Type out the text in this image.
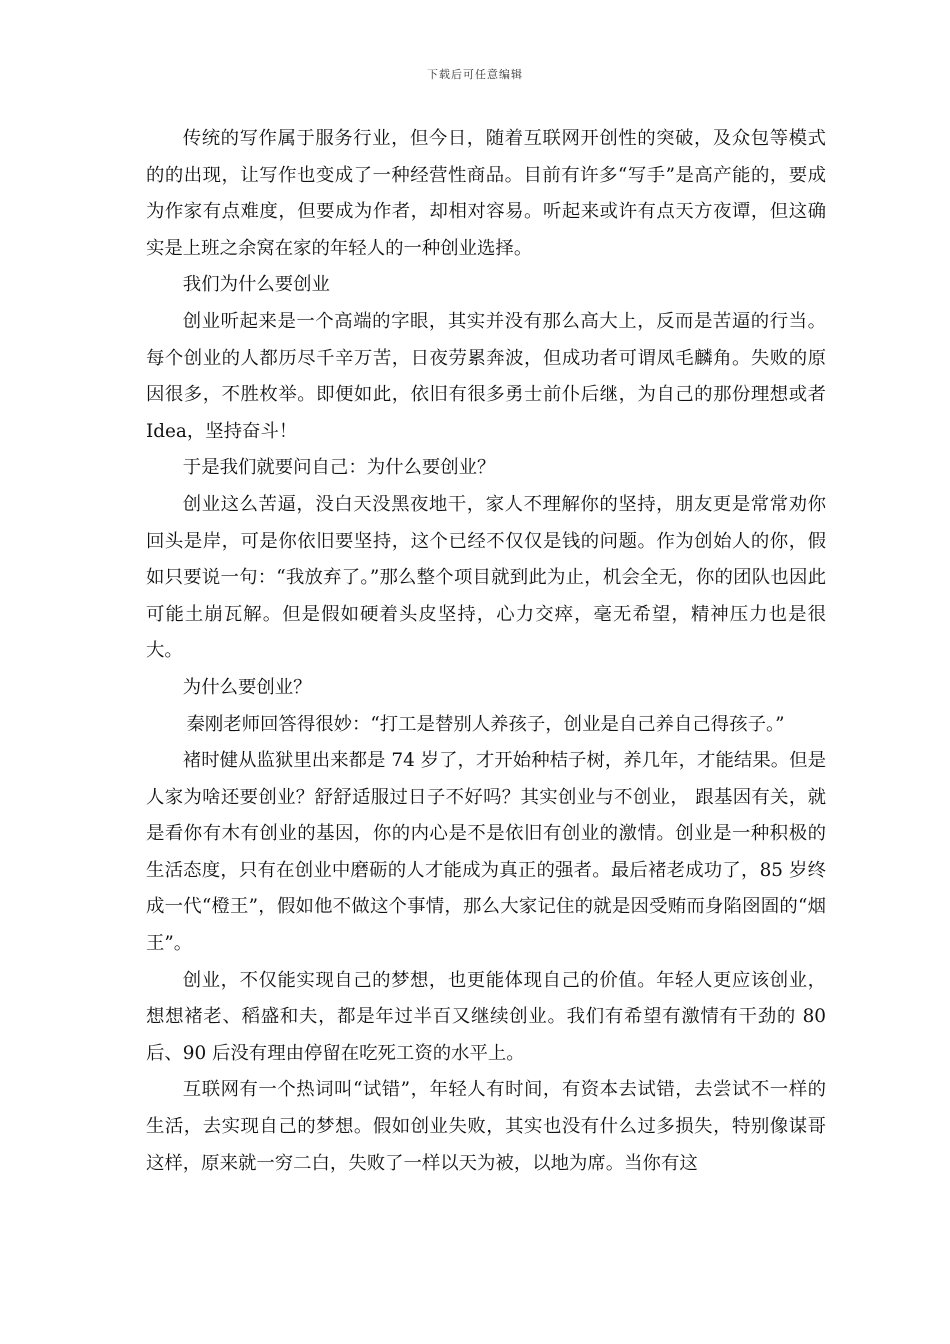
下载后可任意编辑

传统的写作属于服务行业，但今日，随着互联网开创性的突破，及众包等模式的的出现，让写作也变成了一种经营性商品。目前有许多“写手”是高产能的，要成为作家有点难度，但要成为作者，却相对容易。听起来或许有点天方夜谭，但这确实是上班之余窝在家的年轻人的一种创业选择。

我们为什么要创业

创业听起来是一个高端的字眼，其实并没有那么高大上，反而是苦逼的行当。每个创业的人都历尽千辛万苦，日夜劳累奔波，但成功者可谓凤毛麟角。失败的原因很多，不胜枚举。即便如此，依旧有很多勇士前仆后继，为自己的那份理想或者 Idea，坚持奋斗！

于是我们就要问自己：为什么要创业？

创业这么苦逼，没白天没黑夜地干，家人不理解你的坚持，朋友更是常常劝你回头是岸，可是你依旧要坚持，这个已经不仅仅是钱的问题。作为创始人的你，假如只要说一句：“我放弃了。”那么整个项目就到此为止，机会全无，你的团队也因此可能土崩瓦解。但是假如硬着头皮坚持，心力交瘁，毫无希望，精神压力也是很大。

为什么要创业？

秦刚老师回答得很妙：“打工是替别人养孩子，创业是自己养自己得孩子。”

褚时健从监狱里出来都是 74 岁了，才开始种桔子树，养几年，才能结果。但是人家为啥还要创业？舒舒适服过日子不好吗？其实创业与不创业， 跟基因有关，就是看你有木有创业的基因，你的内心是不是依旧有创业的激情。创业是一种积极的生活态度，只有在创业中磨砺的人才能成为真正的强者。最后褚老成功了，85 岁终成一代“橙王”，假如他不做这个事情，那么大家记住的就是因受贿而身陷囹圄的“烟王”。

创业，不仅能实现自己的梦想，也更能体现自己的价值。年轻人更应该创业，想想褚老、稻盛和夫，都是年过半百又继续创业。我们有希望有激情有干劲的 80 后、90 后没有理由停留在吃死工资的水平上。

互联网有一个热词叫“试错”，年轻人有时间，有资本去试错，去尝试不一样的生活，去实现自己的梦想。假如创业失败，其实也没有什么过多损失，特别像谋哥这样，原来就一穷二白，失败了一样以天为被，以地为席。当你有这
